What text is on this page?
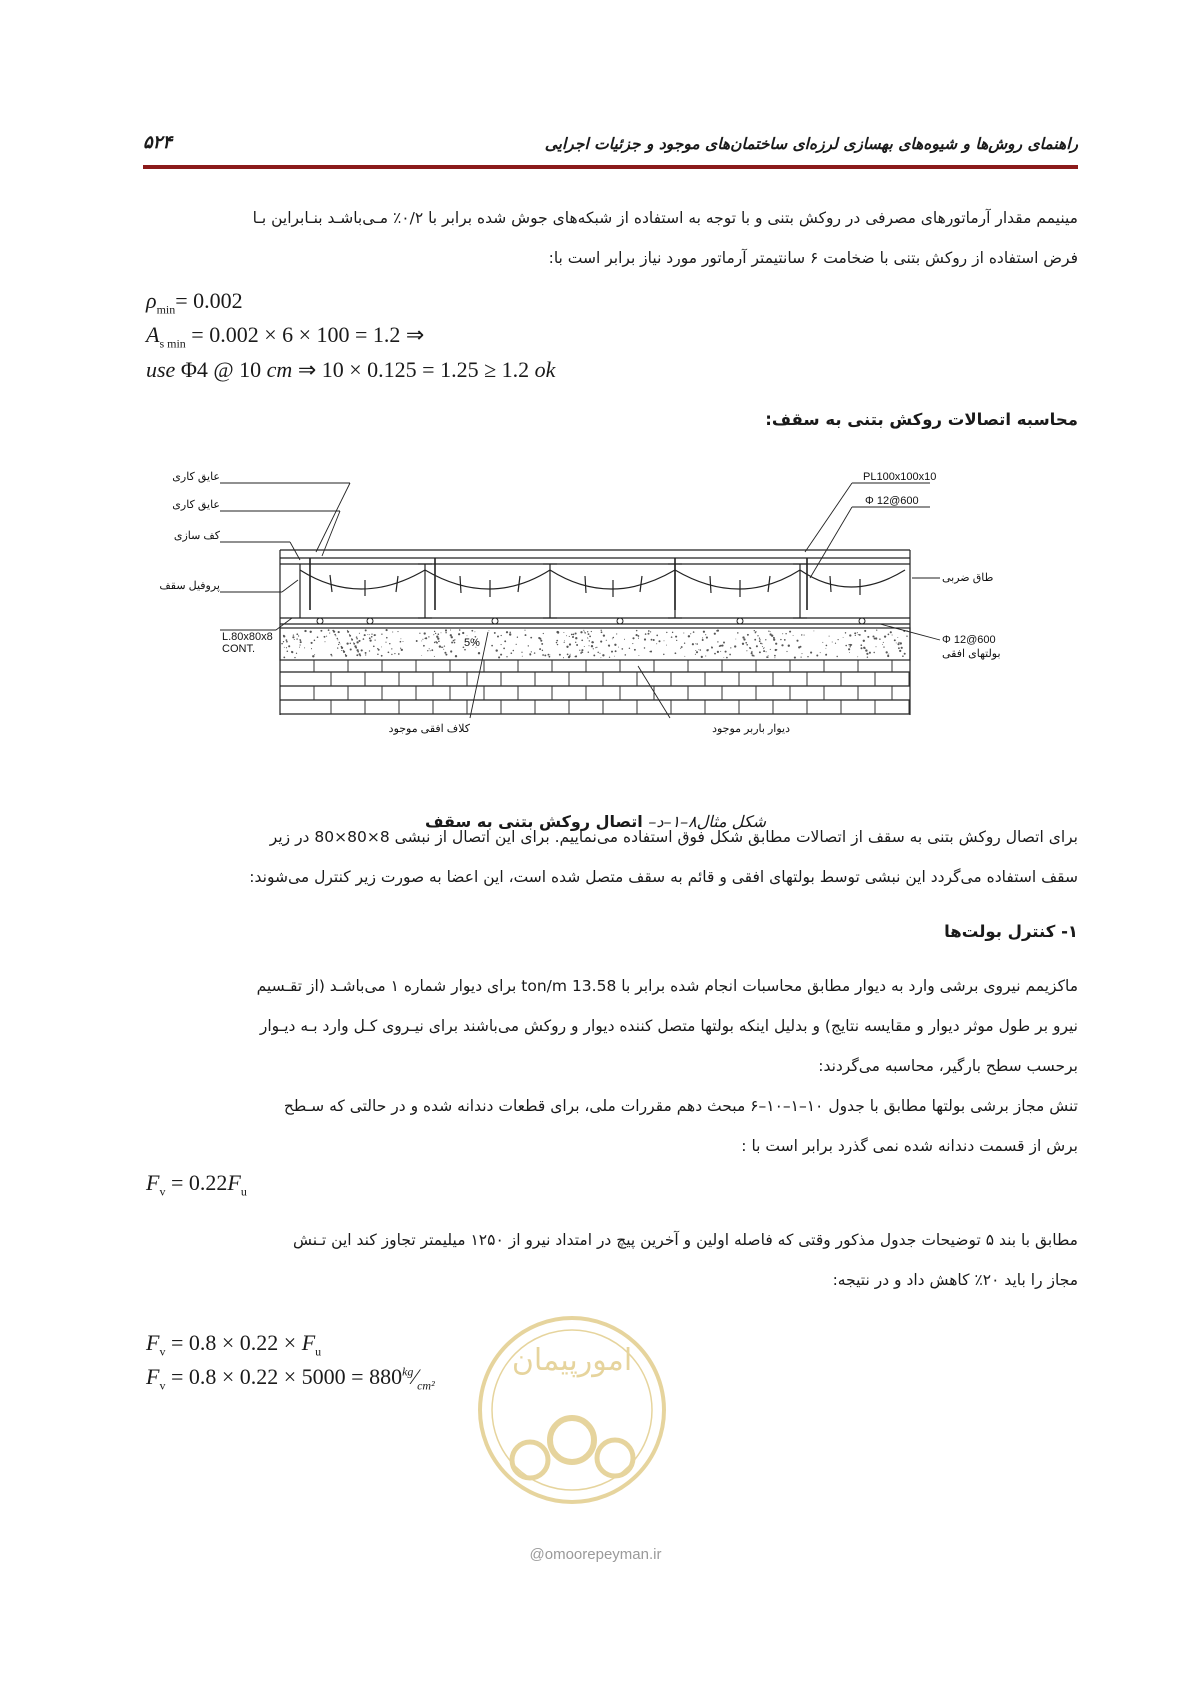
راهنمای روش‌ها و شیوه‌های بهسازی لرزه‌ای ساختمان‌های موجود و جزئیات اجرایی
۵۲۴
مینیمم مقدار آرماتورهای مصرفی در روکش بتنی و با توجه به استفاده از شبکه‌های جوش شده برابر با ۰/۲٪ مـی‌باشـد بنـابراین بـا
فرض استفاده از روکش بتنی با ضخامت ۶ سانتیمتر آرماتور مورد نیاز برابر است با:
$\rho_{min}= 0.002$
$A_{s min} = 0.002 \times 6 \times 100 = 1.2$ ⇒
use Φ4 @ 10 cm ⇒ 10 × 0.125 = 1.25 ≥ 1.2 ok
محاسبه اتصالات روکش بتنی به سقف:
عایق کاری
عایق کاری
کف سازی
پروفیل سقف
L.80x80x8
CONT.
PL100x100x10
Φ 12@600
طاق ضربی
Φ 12@600
بولتهای افقی
5%
کلاف افقی موجود	دیوار باربر موجود
شکل مثال۸–۱–د– اتصال روکش بتنی به سقف
برای اتصال روکش بتنی به سقف از اتصالات مطابق شکل فوق استفاده می‌نماییم. برای این اتصال از نبشی 8×80×80 در زیر
سقف استفاده می‌گردد این نبشی توسط بولتهای افقی و قائم به سقف متصل شده است، این اعضا به صورت زیر کنترل می‌شوند:
۱- کنترل بولت‌ها
ماکزیمم نیروی برشی وارد به دیوار مطابق محاسبات انجام شده برابر با 13.58 ton/m برای دیوار شماره ۱ می‌باشـد (از تقـسیم
نیرو بر طول موثر دیوار و مقایسه نتایج) و بدلیل اینکه بولتها متصل کننده دیوار و روکش می‌باشند برای نیـروی کـل وارد بـه دیـوار
برحسب سطح بارگیر، محاسبه می‌گردند:
تنش مجاز برشی بولتها مطابق با جدول ۱۰–۱–۱۰–۶ مبحث دهم مقررات ملی، برای قطعات دندانه شده و در حالتی که سـطح
برش از قسمت دندانه شده نمی گذرد برابر است با :
$F_v = 0.22F_u$
مطابق با بند ۵ توضیحات جدول مذکور وقتی که فاصله اولین و آخرین پیچ در امتداد نیرو از ۱۲۵۰ میلیمتر تجاوز کند این تـنش
مجاز را باید ۲۰٪ کاهش داد و در نتیجه:
$F_v = 0.8 \times 0.22 \times F_u$
$F_v = 0.8 \times 0.22 \times 5000$ = $880^{kg}⁄_{cm^2}$
امورپیمان
@omoorepeyman.ir
